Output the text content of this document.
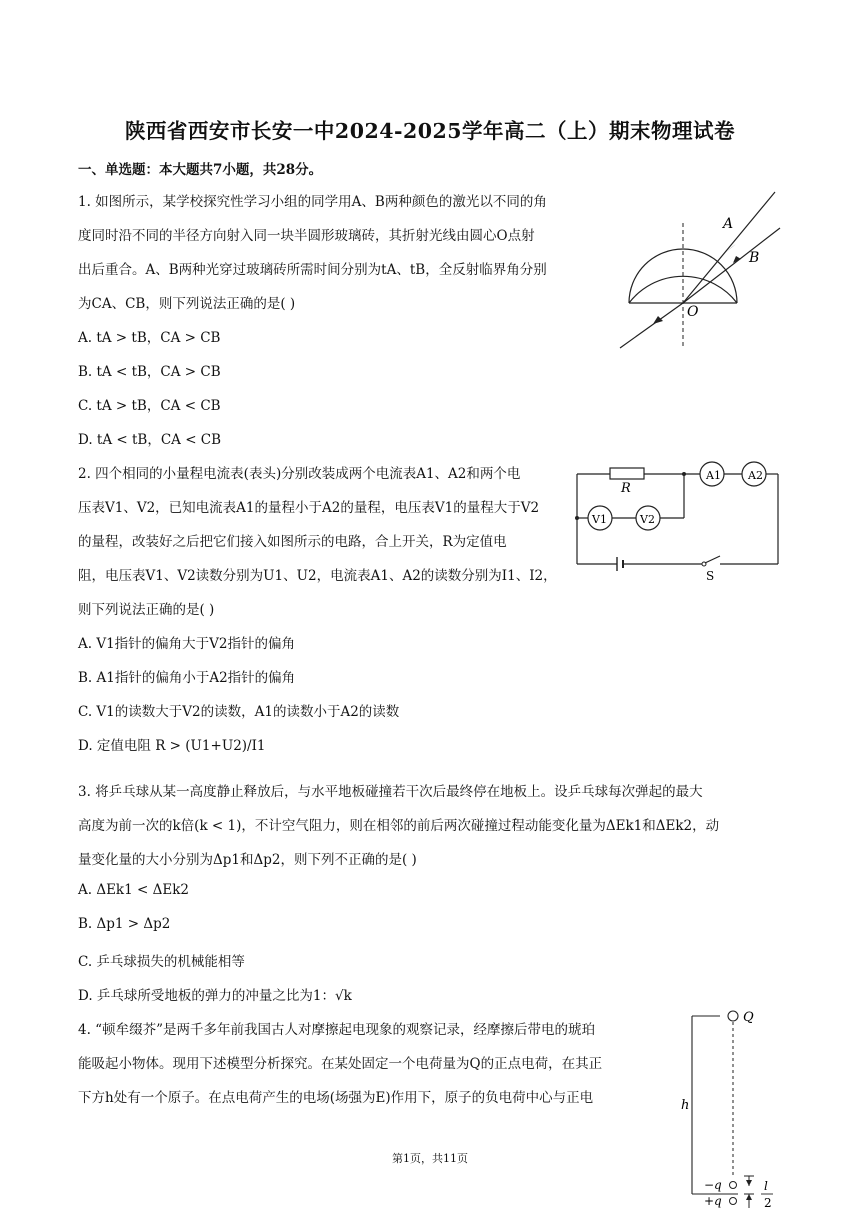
陕西省西安市长安一中2024-2025学年高二（上）期末物理试卷
一、单选题：本大题共7小题，共28分。
1. 如图所示，某学校探究性学习小组的同学用A、B两种颜色的激光以不同的角
度同时沿不同的半径方向射入同一块半圆形玻璃砖，其折射光线由圆心O点射
出后重合。A、B两种光穿过玻璃砖所需时间分别为tA、tB，全反射临界角分别
为CA、CB，则下列说法正确的是( )
A. tA > tB，CA > CB
B. tA < tB，CA > CB
C. tA > tB，CA < CB
D. tA < tB，CA < CB
A
B
O
2. 四个相同的小量程电流表(表头)分别改装成两个电流表A1、A2和两个电
压表V1、V2，已知电流表A1的量程小于A2的量程，电压表V1的量程大于V2
的量程，改装好之后把它们接入如图所示的电路，合上开关，R为定值电
阻，电压表V1、V2读数分别为U1、U2，电流表A1、A2的读数分别为I1、I2，
则下列说法正确的是( )
A. V1指针的偏角大于V2指针的偏角
B. A1指针的偏角小于A2指针的偏角
C. V1的读数大于V2的读数，A1的读数小于A2的读数
D. 定值电阻 R > (U1+U2)/I1
R
A1 A2
V1	V2
S
3. 将乒乓球从某一高度静止释放后，与水平地板碰撞若干次后最终停在地板上。设乒乓球每次弹起的最大
高度为前一次的k倍(k < 1)，不计空气阻力，则在相邻的前后两次碰撞过程动能变化量为ΔEk1和ΔEk2，动
量变化量的大小分别为Δp1和Δp2，则下列不正确的是( )
A. ΔEk1 < ΔEk2
B. Δp1 > Δp2
C. 乒乓球损失的机械能相等
D. 乒乓球所受地板的弹力的冲量之比为1：√k
4. “顿牟缀芥”是两千多年前我国古人对摩擦起电现象的观察记录，经摩擦后带电的琥珀
能吸起小物体。现用下述模型分析探究。在某处固定一个电荷量为Q的正点电荷，在其正
下方h处有一个原子。在点电荷产生的电场(场强为E)作用下，原子的负电荷中心与正电
Q
h
−q
+q
l
2
第1页，共11页
